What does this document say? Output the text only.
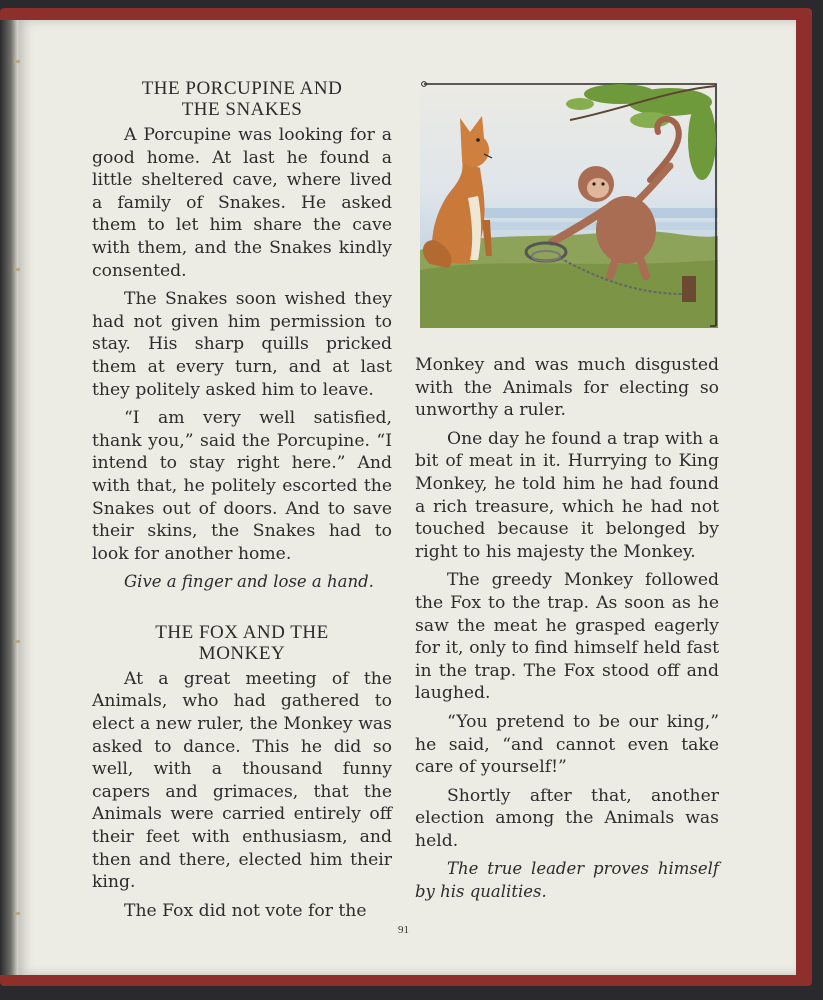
THE PORCUPINE AND
THE SNAKES

A Porcupine was looking for a good home. At last he found a little sheltered cave, where lived a family of Snakes. He asked them to let him share the cave with them, and the Snakes kindly consented.

The Snakes soon wished they had not given him permission to stay. His sharp quills pricked them at every turn, and at last they politely asked him to leave.

“I am very well satisfied, thank you,” said the Porcupine. “I intend to stay right here.” And with that, he politely escorted the Snakes out of doors. And to save their skins, the Snakes had to look for another home.

Give a finger and lose a hand.

THE FOX AND THE
MONKEY

At a great meeting of the Animals, who had gathered to elect a new ruler, the Monkey was asked to dance. This he did so well, with a thousand funny capers and grimaces, that the Animals were carried entirely off their feet with enthusiasm, and then and there, elected him their king.

The Fox did not vote for the

Monkey and was much disgusted with the Animals for electing so unworthy a ruler.

One day he found a trap with a bit of meat in it. Hurrying to King Monkey, he told him he had found a rich treasure, which he had not touched because it belonged by right to his majesty the Monkey.

The greedy Monkey followed the Fox to the trap. As soon as he saw the meat he grasped eagerly for it, only to find himself held fast in the trap. The Fox stood off and laughed.

“You pretend to be our king,” he said, “and cannot even take care of yourself!”

Shortly after that, another election among the Animals was held.

The true leader proves himself by his qualities.

91
